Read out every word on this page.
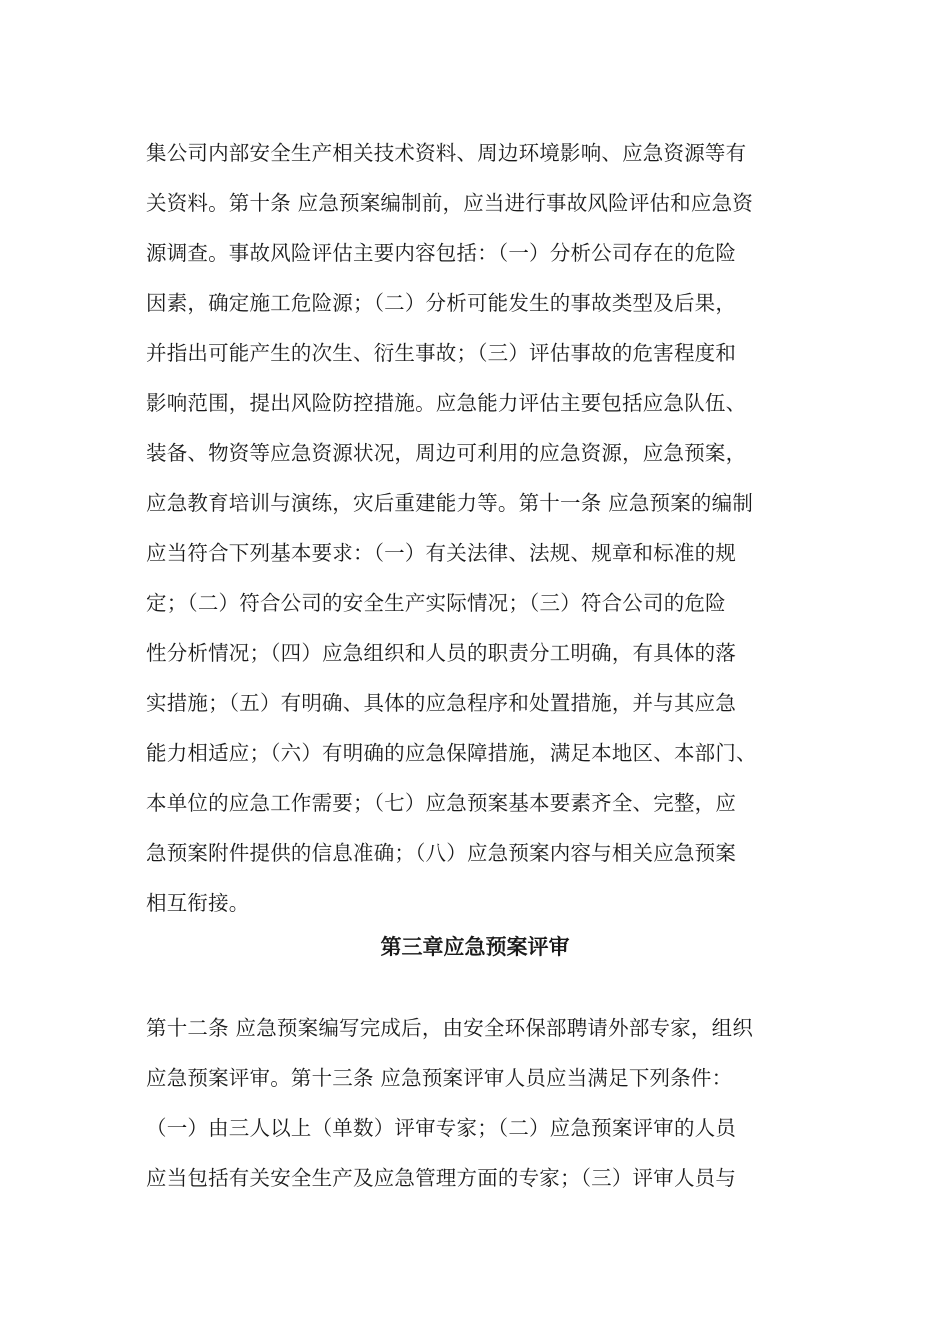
集公司内部安全生产相关技术资料、周边环境影响、应急资源等有
关资料。第十条 应急预案编制前，应当进行事故风险评估和应急资
源调查。事故风险评估主要内容包括：（一）分析公司存在的危险
因素，确定施工危险源；（二）分析可能发生的事故类型及后果，
并指出可能产生的次生、衍生事故；（三）评估事故的危害程度和
影响范围，提出风险防控措施。应急能力评估主要包括应急队伍、
装备、物资等应急资源状况，周边可利用的应急资源，应急预案，
应急教育培训与演练，灾后重建能力等。第十一条 应急预案的编制
应当符合下列基本要求：（一）有关法律、法规、规章和标准的规
定；（二）符合公司的安全生产实际情况；（三）符合公司的危险
性分析情况；（四）应急组织和人员的职责分工明确，有具体的落
实措施；（五）有明确、具体的应急程序和处置措施，并与其应急
能力相适应；（六）有明确的应急保障措施，满足本地区、本部门、
本单位的应急工作需要；（七）应急预案基本要素齐全、完整，应
急预案附件提供的信息准确；（八）应急预案内容与相关应急预案
相互衔接。
第三章应急预案评审
第十二条 应急预案编写完成后，由安全环保部聘请外部专家，组织
应急预案评审。第十三条 应急预案评审人员应当满足下列条件：
（一）由三人以上（单数）评审专家；（二）应急预案评审的人员
应当包括有关安全生产及应急管理方面的专家；（三）评审人员与
